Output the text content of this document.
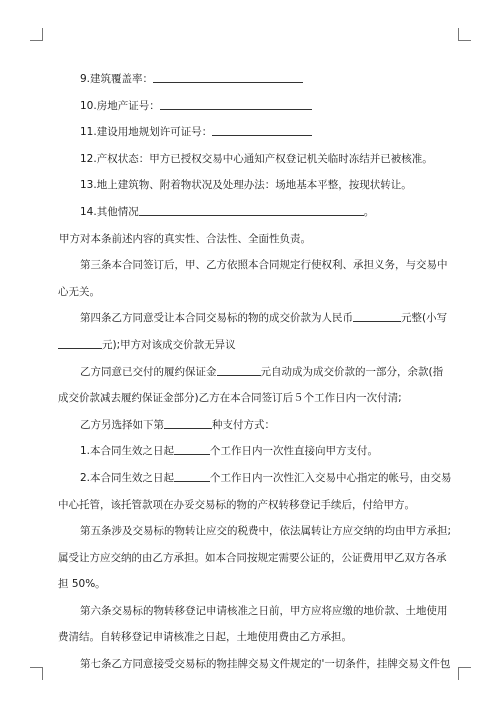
9.建筑覆盖率：
10.房地产证号：
11.建设用地规划许可证号：
12.产权状态：甲方已授权交易中心通知产权登记机关临时冻结并已被核准。
13.地上建筑物、附着物状况及处理办法：场地基本平整，按现状转让。
14.其他情况	。
甲方对本条前述内容的真实性、合法性、全面性负责。
第三条本合同签订后，甲、乙方依照本合同规定行使权利、承担义务，与交易中
心无关。
第四条乙方同意受让本合同交易标的物的成交价款为人民币	元整(小写
元);甲方对该成交价款无异议
乙方同意已交付的履约保证金	元自动成为成交价款的一部分，余款(指
成交价款减去履约保证金部分)乙方在本合同签订后５个工作日内一次付清;
乙方另选择如下第	种支付方式：
1.本合同生效之日起	个工作日内一次性直接向甲方支付。
2.本合同生效之日起	个工作日内一次性汇入交易中心指定的帐号，由交易
中心托管，该托管款项在办妥交易标的物的产权转移登记手续后，付给甲方。
第五条涉及交易标的物转让应交的税费中，依法属转让方应交纳的均由甲方承担;
属受让方应交纳的由乙方承担。如本合同按规定需要公证的，公证费用甲乙双方各承
担 50%。
第六条交易标的物转移登记申请核准之日前，甲方应将应缴的地价款、土地使用
费清结。自转移登记申请核准之日起，土地使用费由乙方承担。
第七条乙方同意接受交易标的物挂牌交易文件规定的'一切条件，挂牌交易文件包
